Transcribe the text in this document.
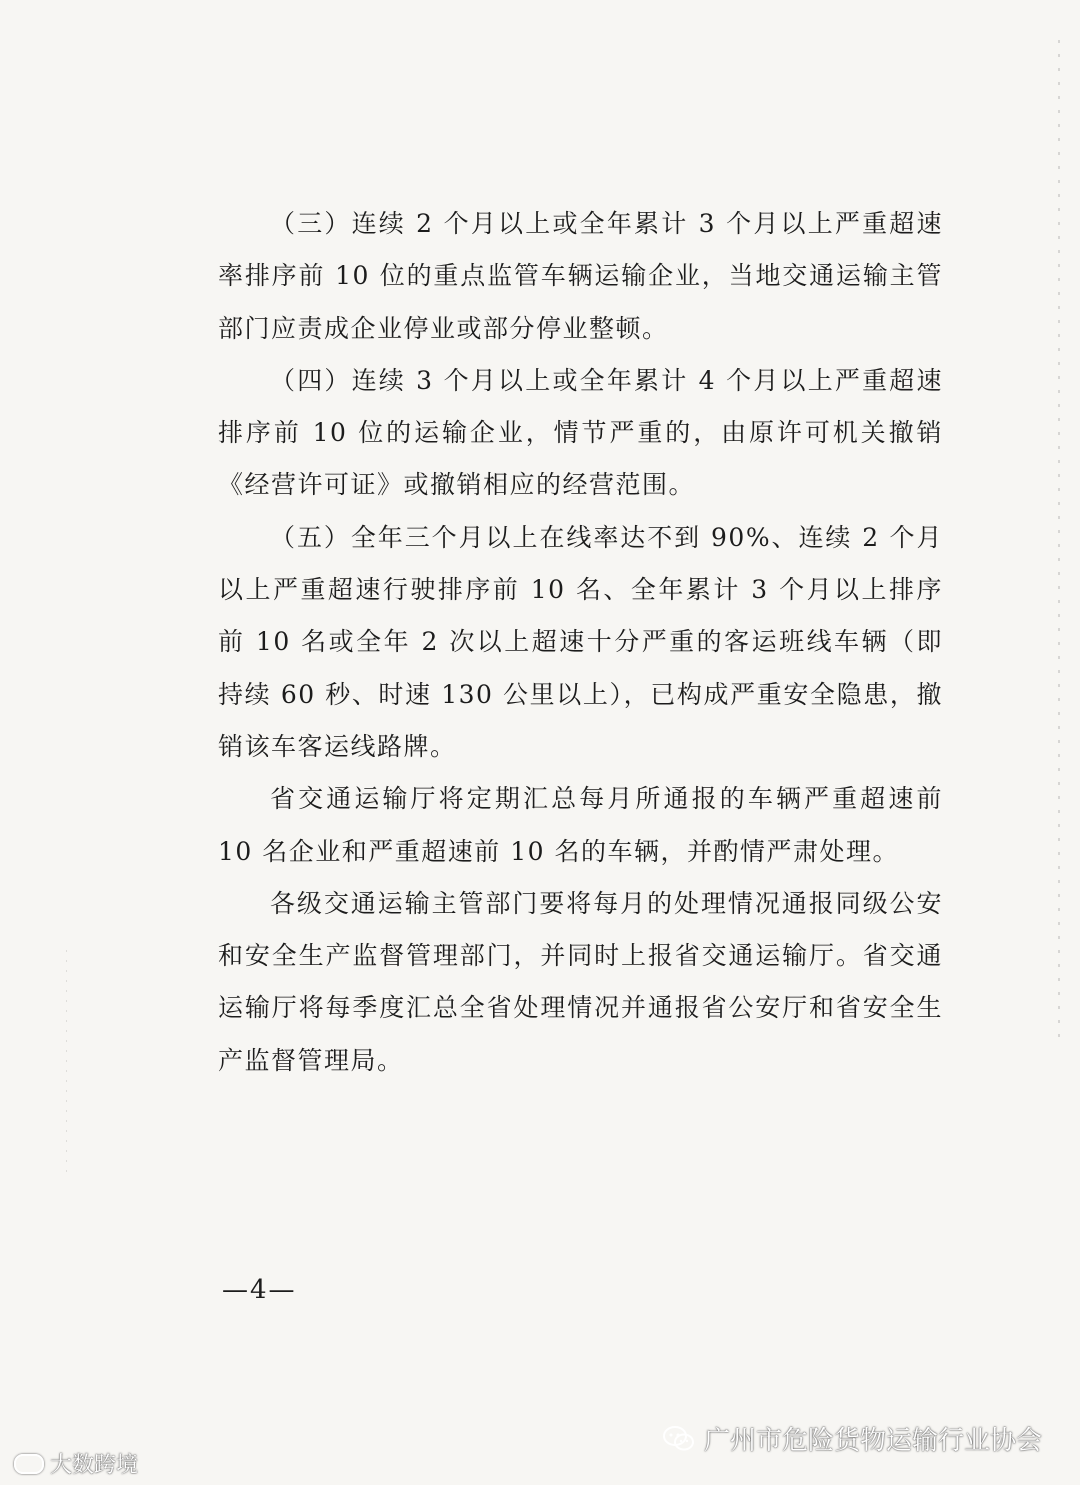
（三）连续 2 个月以上或全年累计 3 个月以上严重超速率排序前 10 位的重点监管车辆运输企业，当地交通运输主管部门应责成企业停业或部分停业整顿。

（四）连续 3 个月以上或全年累计 4 个月以上严重超速排序前 10 位的运输企业，情节严重的，由原许可机关撤销《经营许可证》或撤销相应的经营范围。

（五）全年三个月以上在线率达不到 90%、连续 2 个月以上严重超速行驶排序前 10 名、全年累计 3 个月以上排序前 10 名或全年 2 次以上超速十分严重的客运班线车辆（即持续 60 秒、时速 130 公里以上），已构成严重安全隐患，撤销该车客运线路牌。

省交通运输厅将定期汇总每月所通报的车辆严重超速前 10 名企业和严重超速前 10 名的车辆，并酌情严肃处理。

各级交通运输主管部门要将每月的处理情况通报同级公安和安全生产监督管理部门，并同时上报省交通运输厅。省交通运输厅将每季度汇总全省处理情况并通报省公安厅和省安全生产监督管理局。

—4—
大数跨境
广州市危险货物运输行业协会
